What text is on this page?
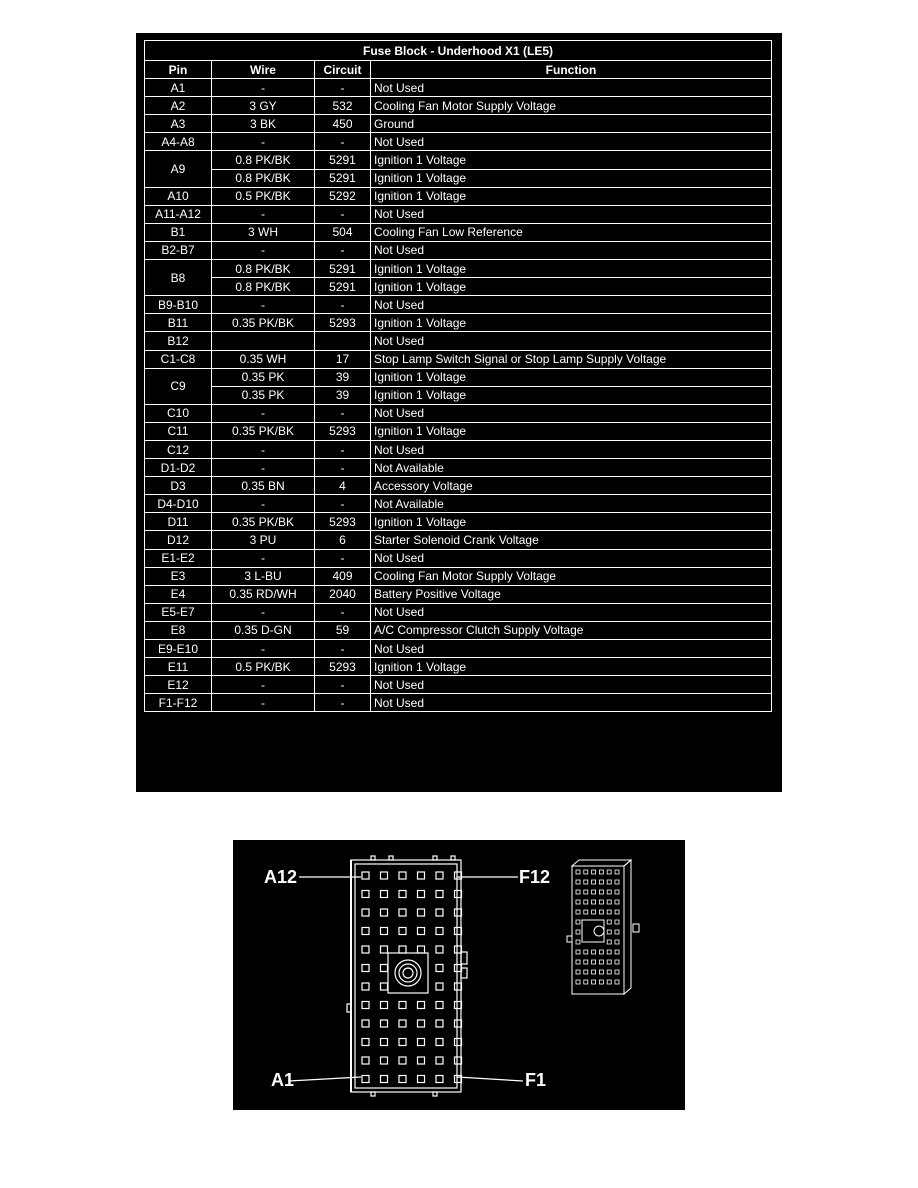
Fuse Block - Underhood X1 (LE5)			
Pin	Wire	Circuit	Function
A1	-	-	Not Used
A2	3 GY	532	Cooling Fan Motor Supply Voltage
A3	3 BK	450	Ground
A4-A8	-	-	Not Used
A9	0.8 PK/BK	5291	Ignition 1 Voltage
	0.8 PK/BK	5291	Ignition 1 Voltage
A10	0.5 PK/BK	5292	Ignition 1 Voltage
A11-A12	-	-	Not Used
B1	3 WH	504	Cooling Fan Low Reference
B2-B7	-	-	Not Used
B8	0.8 PK/BK	5291	Ignition 1 Voltage
	0.8 PK/BK	5291	Ignition 1 Voltage
B9-B10	-	-	Not Used
B11	0.35 PK/BK	5293	Ignition 1 Voltage
B12			Not Used
C1-C8	0.35 WH	17	Stop Lamp Switch Signal or Stop Lamp Supply Voltage
C9	0.35 PK	39	Ignition 1 Voltage
	0.35 PK	39	Ignition 1 Voltage
C10	-	-	Not Used
C11	0.35 PK/BK	5293	Ignition 1 Voltage
C12	-	-	Not Used
D1-D2	-	-	Not Available
D3	0.35 BN	4	Accessory Voltage
D4-D10	-	-	Not Available
D11	0.35 PK/BK	5293	Ignition 1 Voltage
D12	3 PU	6	Starter Solenoid Crank Voltage
E1-E2	-	-	Not Used
E3	3 L-BU	409	Cooling Fan Motor Supply Voltage
E4	0.35 RD/WH	2040	Battery Positive Voltage
E5-E7	-	-	Not Used
E8	0.35 D-GN	59	A/C Compressor Clutch Supply Voltage
E9-E10	-	-	Not Used
E11	0.5 PK/BK	5293	Ignition 1 Voltage
E12	-	-	Not Used
F1-F12	-	-	Not Used
A12	F12
A1	F1
